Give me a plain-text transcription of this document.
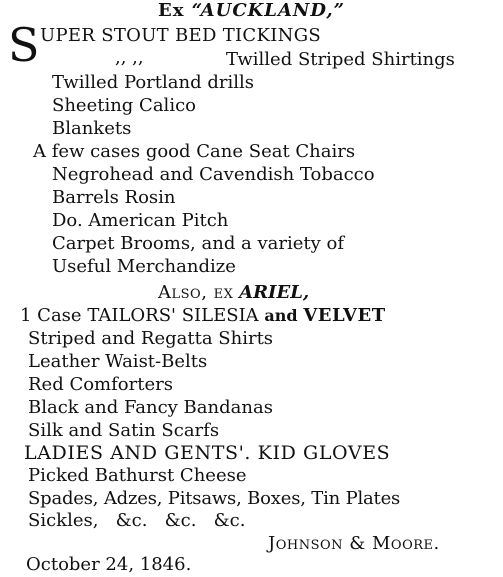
Ex “AUCKLAND,”
S UPER STOUT BED TICKINGS
,, ,,	Twilled Striped Shirtings
Twilled Portland drills
Sheeting Calico
Blankets
A few cases good Cane Seat Chairs
Negrohead and Cavendish Tobacco
Barrels Rosin
Do. American Pitch
Carpet Brooms, and a variety of
Useful Merchandize
Also, ex ARIEL,
1 Case TAILORS' SILESIA and VELVET
Striped and Regatta Shirts
Leather Waist-Belts
Red Comforters
Black and Fancy Bandanas
Silk and Satin Scarfs
LADIES AND GENTS'. KID GLOVES
Picked Bathurst Cheese
Spades, Adzes, Pitsaws, Boxes, Tin Plates
Sickles,   &c.   &c.   &c.
Johnson & Moore.
October 24, 1846.
